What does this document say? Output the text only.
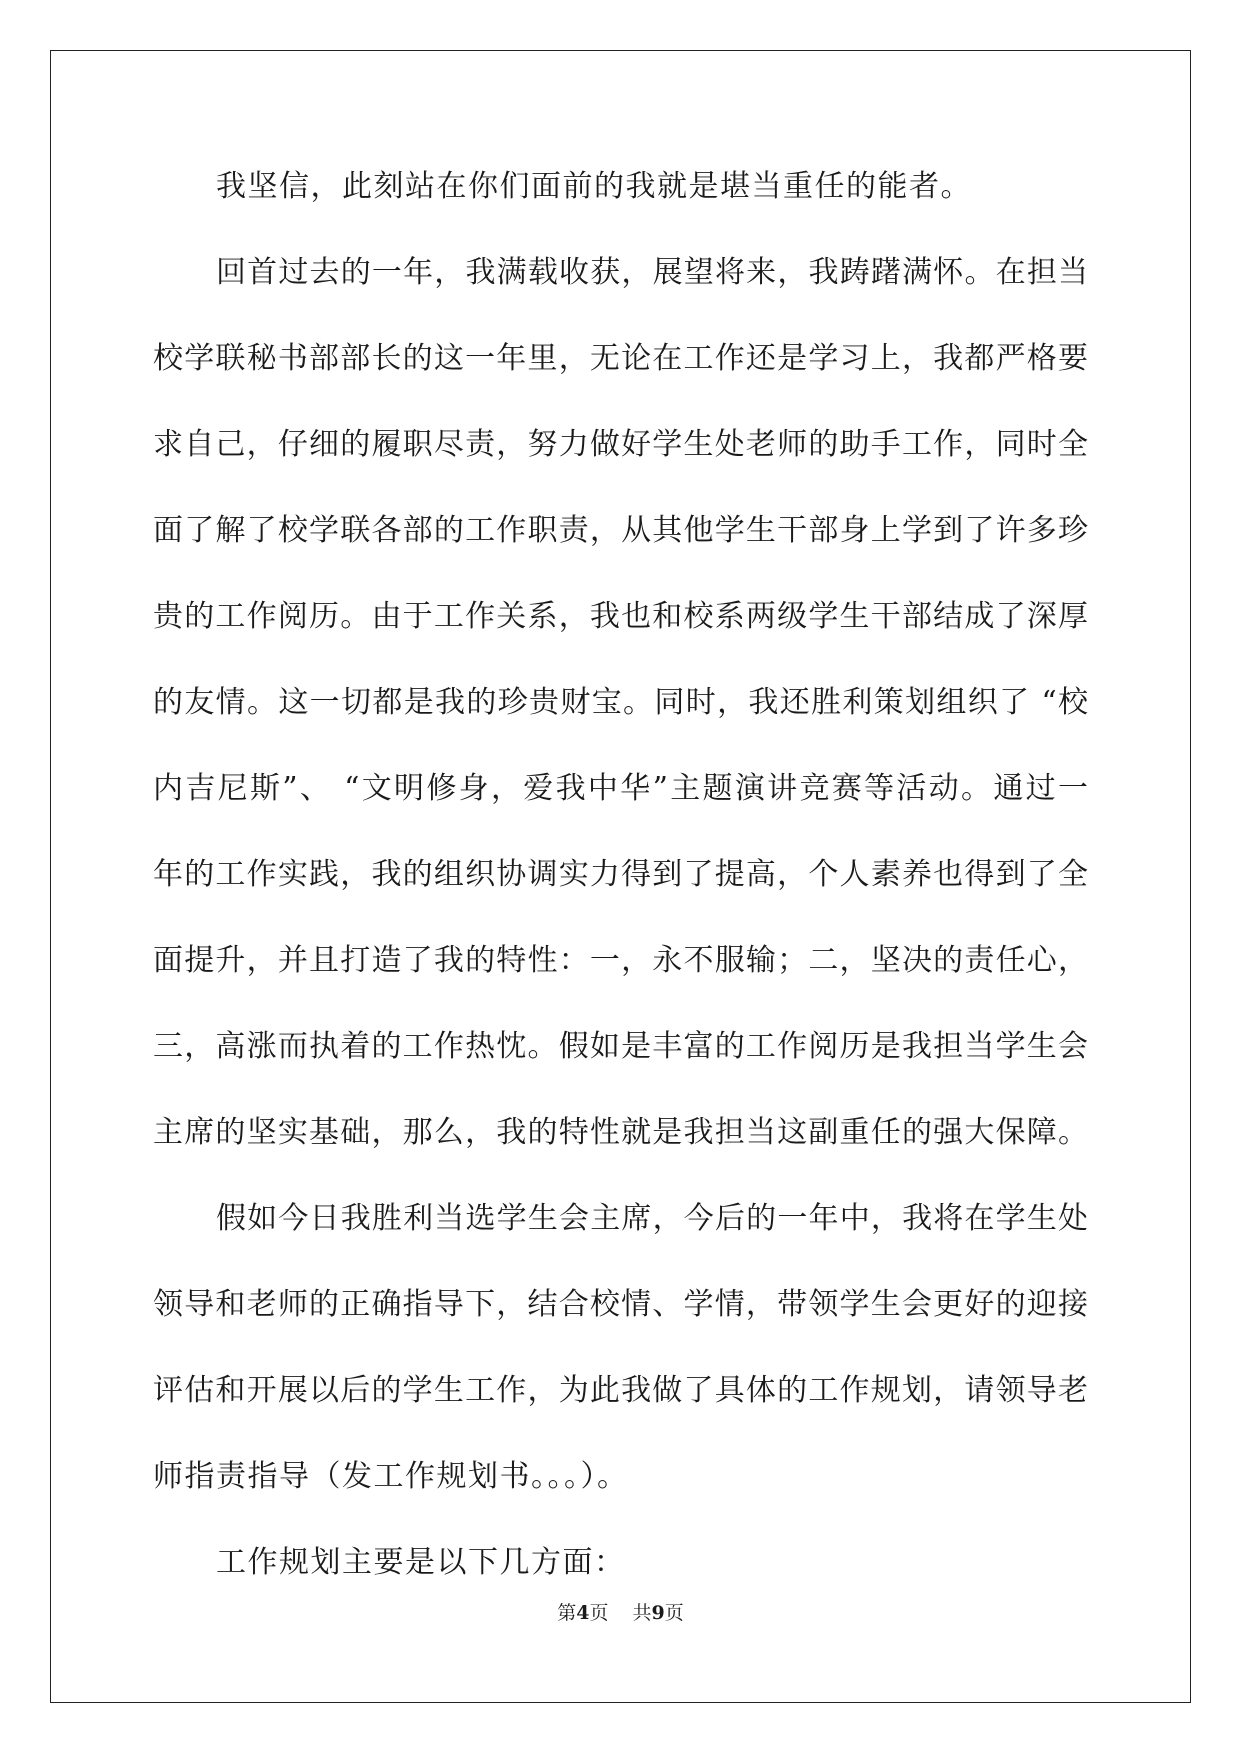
我坚信，此刻站在你们面前的我就是堪当重任的能者。
回首过去的一年，我满载收获，展望将来，我踌躇满怀。在担当
校学联秘书部部长的这一年里，无论在工作还是学习上，我都严格要
求自己，仔细的履职尽责，努力做好学生处老师的助手工作，同时全
面了解了校学联各部的工作职责，从其他学生干部身上学到了许多珍
贵的工作阅历。由于工作关系，我也和校系两级学生干部结成了深厚
的友情。这一切都是我的珍贵财宝。同时，我还胜利策划组织了 “校
内吉尼斯”、 “文明修身，爱我中华”主题演讲竞赛等活动。通过一
年的工作实践，我的组织协调实力得到了提高，个人素养也得到了全
面提升，并且打造了我的特性：一，永不服输；二，坚决的责任心，
三，高涨而执着的工作热忱。假如是丰富的工作阅历是我担当学生会
主席的坚实基础，那么，我的特性就是我担当这副重任的强大保障。
假如今日我胜利当选学生会主席，今后的一年中，我将在学生处
领导和老师的正确指导下，结合校情、学情，带领学生会更好的迎接
评估和开展以后的学生工作，为此我做了具体的工作规划，请领导老
师指责指导（发工作规划书。。。）。
工作规划主要是以下几方面：
第4页 共9页
